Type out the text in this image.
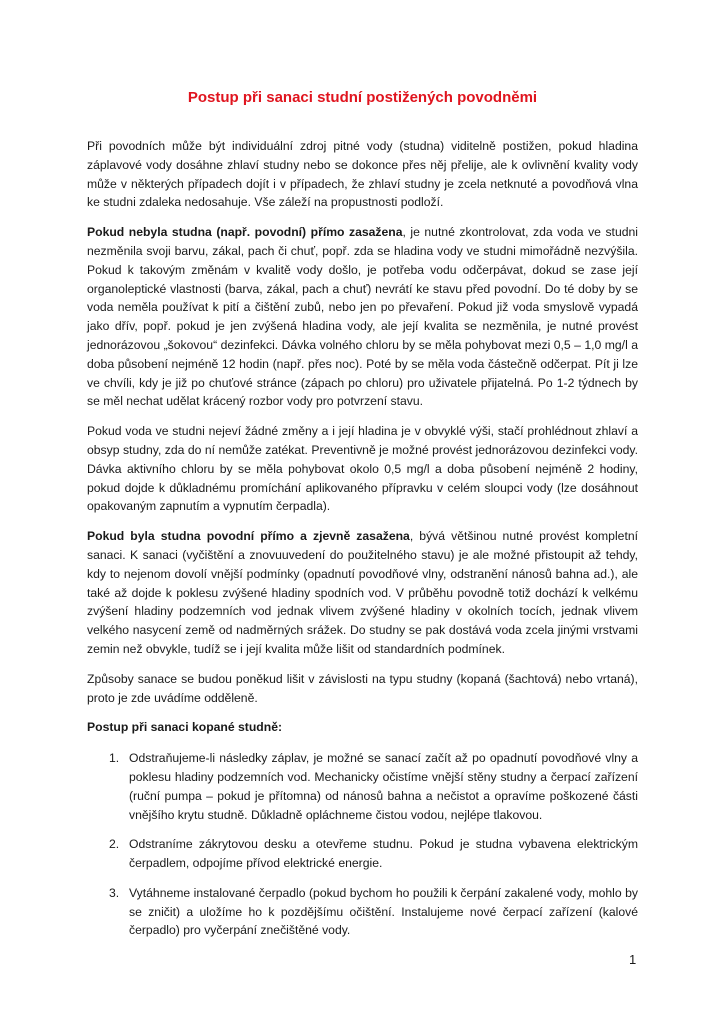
Postup při sanaci studní postižených povodněmi

Při povodních může být individuální zdroj pitné vody (studna) viditelně postižen, pokud hladina záplavové vody dosáhne zhlaví studny nebo se dokonce přes něj přelije, ale k ovlivnění kvality vody může v některých případech dojít i v případech, že zhlaví studny je zcela netknuté a povodňová vlna ke studni zdaleka nedosahuje. Vše záleží na propustnosti podloží.

Pokud nebyla studna (např. povodní) přímo zasažena, je nutné zkontrolovat, zda voda ve studni nezměnila svoji barvu, zákal, pach či chuť, popř. zda se hladina vody ve studni mimořádně nezvýšila. Pokud k takovým změnám v kvalitě vody došlo, je potřeba vodu odčerpávat, dokud se zase její organoleptické vlastnosti (barva, zákal, pach a chuť) nevrátí ke stavu před povodní. Do té doby by se voda neměla používat k pití a čištění zubů, nebo jen po převaření. Pokud již voda smyslově vypadá jako dřív, popř. pokud je jen zvýšená hladina vody, ale její kvalita se nezměnila, je nutné provést jednorázovou „šokovou“ dezinfekci. Dávka volného chloru by se měla pohybovat mezi 0,5 – 1,0 mg/l a doba působení nejméně 12 hodin (např. přes noc). Poté by se měla voda částečně odčerpat. Pít ji lze ve chvíli, kdy je již po chuťové stránce (zápach po chloru) pro uživatele přijatelná. Po 1-2 týdnech by se měl nechat udělat krácený rozbor vody pro potvrzení stavu.

Pokud voda ve studni nejeví žádné změny a i její hladina je v obvyklé výši, stačí prohlédnout zhlaví a obsyp studny, zda do ní nemůže zatékat. Preventivně je možné provést jednorázovou dezinfekci vody. Dávka aktivního chloru by se měla pohybovat okolo 0,5 mg/l a doba působení nejméně 2 hodiny, pokud dojde k důkladnému promíchání aplikovaného přípravku v celém sloupci vody (lze dosáhnout opakovaným zapnutím a vypnutím čerpadla).

Pokud byla studna povodní přímo a zjevně zasažena, bývá většinou nutné provést kompletní sanaci. K sanaci (vyčištění a znovuuvedení do použitelného stavu) je ale možné přistoupit až tehdy, kdy to nejenom dovolí vnější podmínky (opadnutí povodňové vlny, odstranění nánosů bahna ad.), ale také až dojde k poklesu zvýšené hladiny spodních vod. V průběhu povodně totiž dochází k velkému zvýšení hladiny podzemních vod jednak vlivem zvýšené hladiny v okolních tocích, jednak vlivem velkého nasycení země od nadměrných srážek. Do studny se pak dostává voda zcela jinými vrstvami zemin než obvykle, tudíž se i její kvalita může lišit od standardních podmínek.

Způsoby sanace se budou poněkud lišit v závislosti na typu studny (kopaná (šachtová) nebo vrtaná), proto je zde uvádíme odděleně.

Postup při sanaci kopané studně:
1. Odstraňujeme-li následky záplav, je možné se sanací začít až po opadnutí povodňové vlny a poklesu hladiny podzemních vod. Mechanicky očistíme vnější stěny studny a čerpací zařízení (ruční pumpa – pokud je přítomna) od nánosů bahna a nečistot a opravíme poškozené části vnějšího krytu studně. Důkladně opláchneme čistou vodou, nejlépe tlakovou.
2. Odstraníme zákrytovou desku a otevřeme studnu. Pokud je studna vybavena elektrickým čerpadlem, odpojíme přívod elektrické energie.
3. Vytáhneme instalované čerpadlo (pokud bychom ho použili k čerpání zakalené vody, mohlo by se zničit) a uložíme ho k pozdějšímu očištění. Instalujeme nové čerpací zařízení (kalové čerpadlo) pro vyčerpání znečištěné vody.
1
